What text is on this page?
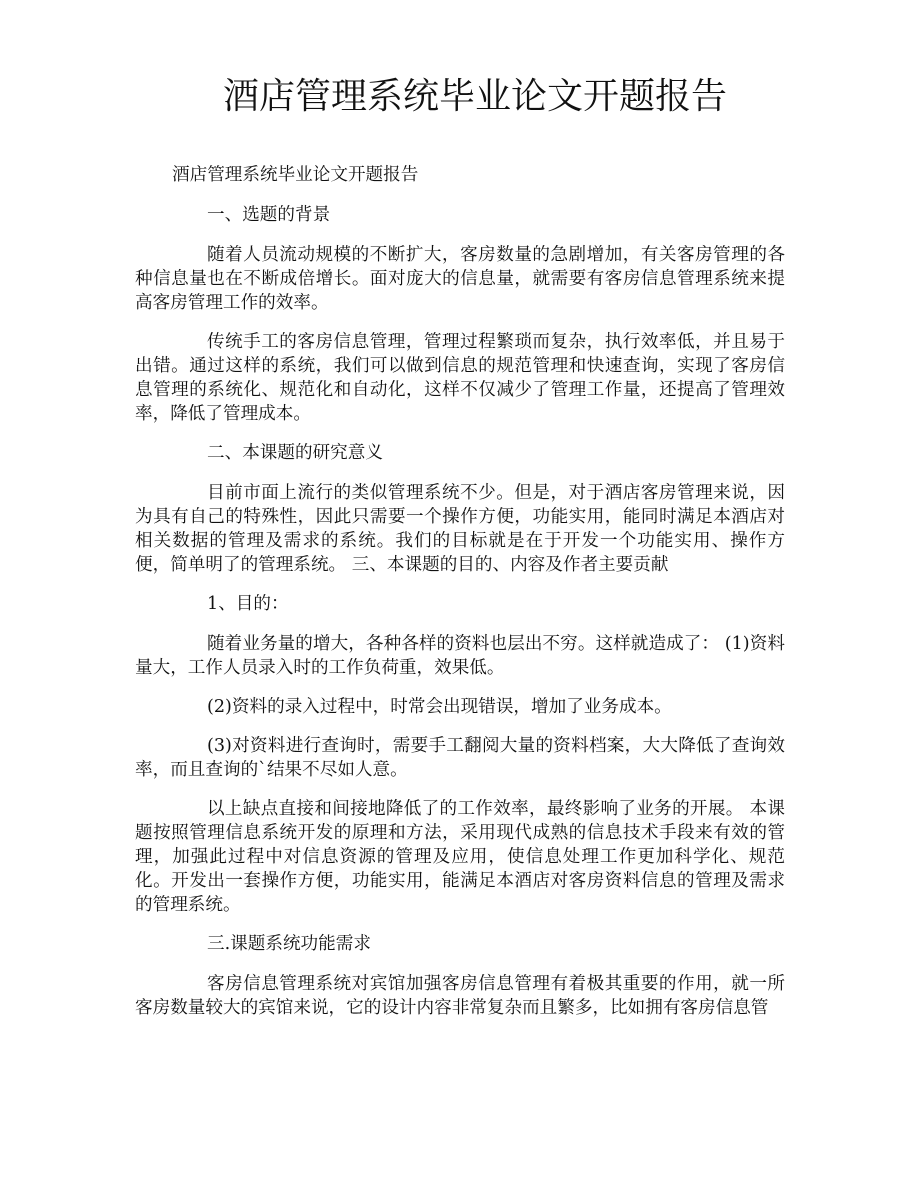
酒店管理系统毕业论文开题报告

酒店管理系统毕业论文开题报告

一、选题的背景

随着人员流动规模的不断扩大，客房数量的急剧增加，有关客房管理的各种信息量也在不断成倍增长。面对庞大的信息量，就需要有客房信息管理系统来提高客房管理工作的效率。

传统手工的客房信息管理，管理过程繁琐而复杂，执行效率低，并且易于出错。通过这样的系统，我们可以做到信息的规范管理和快速查询，实现了客房信息管理的系统化、规范化和自动化，这样不仅减少了管理工作量，还提高了管理效率，降低了管理成本。

二、本课题的研究意义

目前市面上流行的类似管理系统不少。但是，对于酒店客房管理来说，因为具有自己的特殊性，因此只需要一个操作方便，功能实用，能同时满足本酒店对相关数据的管理及需求的系统。我们的目标就是在于开发一个功能实用、操作方便，简单明了的管理系统。 三、本课题的目的、内容及作者主要贡献

1、目的：

随着业务量的增大，各种各样的资料也层出不穷。这样就造成了： (1)资料量大，工作人员录入时的工作负荷重，效果低。

(2)资料的录入过程中，时常会出现错误，增加了业务成本。

(3)对资料进行查询时，需要手工翻阅大量的资料档案，大大降低了查询效率，而且查询的`结果不尽如人意。

以上缺点直接和间接地降低了的工作效率，最终影响了业务的开展。 本课题按照管理信息系统开发的原理和方法，采用现代成熟的信息技术手段来有效的管理，加强此过程中对信息资源的管理及应用，使信息处理工作更加科学化、规范化。开发出一套操作方便，功能实用，能满足本酒店对客房资料信息的管理及需求的管理系统。

三.课题系统功能需求

客房信息管理系统对宾馆加强客房信息管理有着极其重要的作用，就一所客房数量较大的宾馆来说，它的设计内容非常复杂而且繁多，比如拥有客房信息管
